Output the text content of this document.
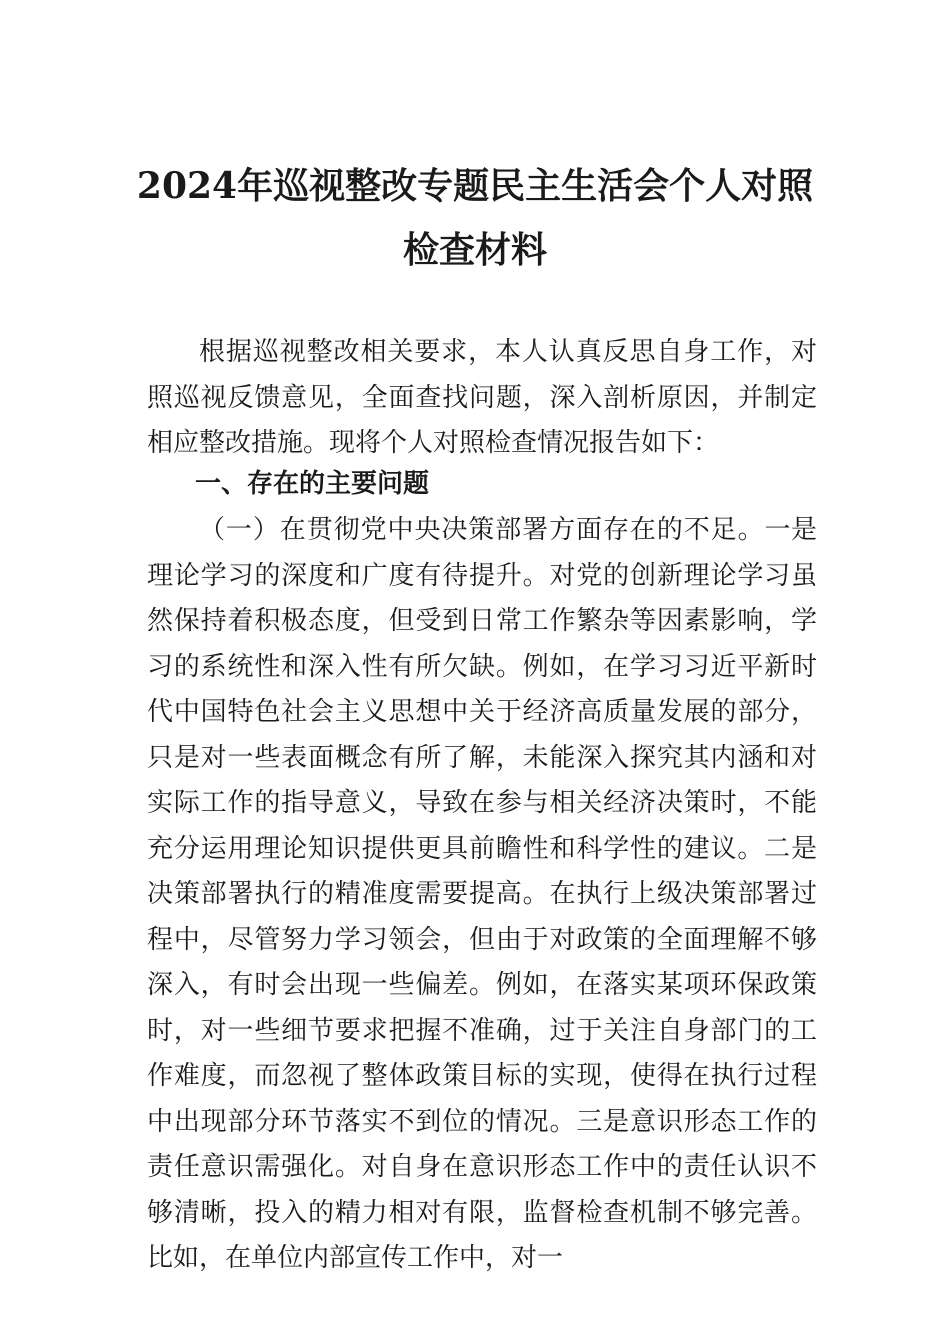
2024年巡视整改专题民主生活会个人对照
检查材料

根据巡视整改相关要求，本人认真反思自身工作，对照巡视反馈意见，全面查找问题，深入剖析原因，并制定相应整改措施。现将个人对照检查情况报告如下：

一、存在的主要问题

（一）在贯彻党中央决策部署方面存在的不足。一是理论学习的深度和广度有待提升。对党的创新理论学习虽然保持着积极态度，但受到日常工作繁杂等因素影响，学习的系统性和深入性有所欠缺。例如，在学习习近平新时代中国特色社会主义思想中关于经济高质量发展的部分，只是对一些表面概念有所了解，未能深入探究其内涵和对实际工作的指导意义，导致在参与相关经济决策时，不能充分运用理论知识提供更具前瞻性和科学性的建议。二是决策部署执行的精准度需要提高。在执行上级决策部署过程中，尽管努力学习领会，但由于对政策的全面理解不够深入，有时会出现一些偏差。例如，在落实某项环保政策时，对一些细节要求把握不准确，过于关注自身部门的工作难度，而忽视了整体政策目标的实现，使得在执行过程中出现部分环节落实不到位的情况。三是意识形态工作的责任意识需强化。对自身在意识形态工作中的责任认识不够清晰，投入的精力相对有限，监督检查机制不够完善。比如，在单位内部宣传工作中，对一
